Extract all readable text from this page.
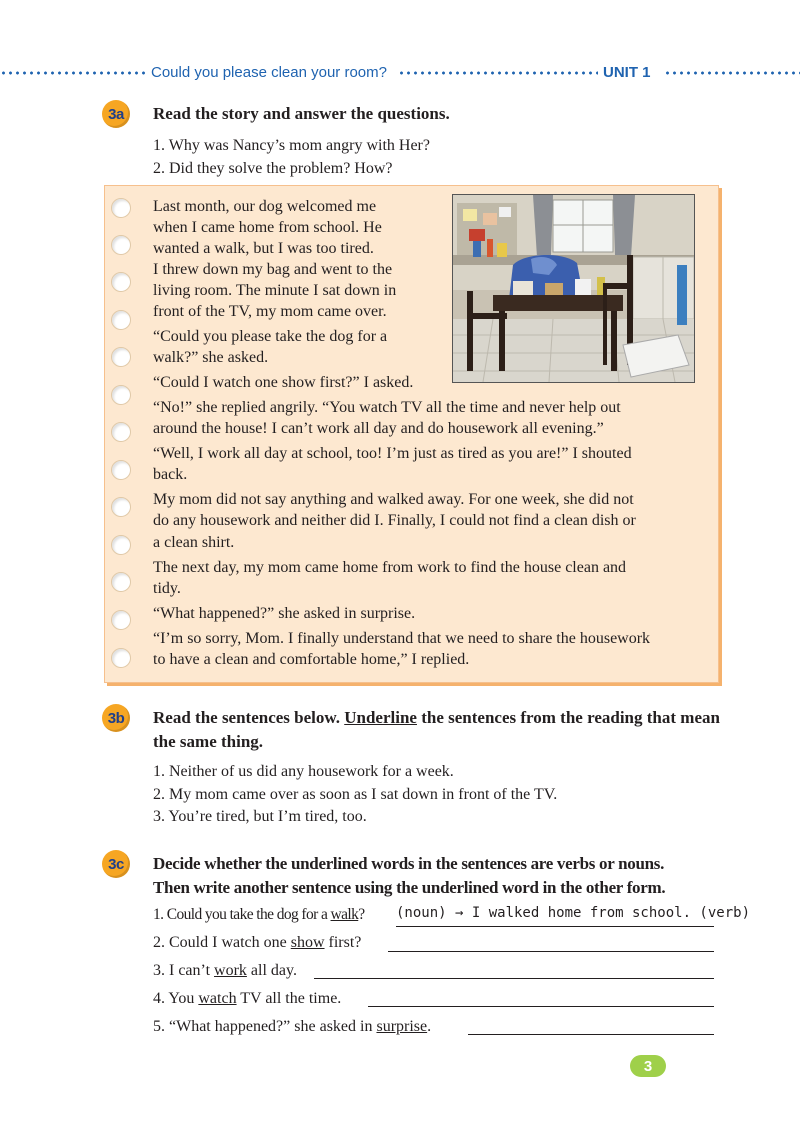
Could you please clean your room?	UNIT 1
3a	Read the story and answer the questions.
1. Why was Nancy’s mom angry with Her?
2. Did they solve the problem? How?
Last month, our dog welcomed me
when I came home from school. He
wanted a walk, but I was too tired.
I threw down my bag and went to the
living room. The minute I sat down in
front of the TV, my mom came over.
“Could you please take the dog for a
walk?” she asked.
“Could I watch one show first?” I asked.
“No!” she replied angrily. “You watch TV all the time and never help out
around the house! I can’t work all day and do housework all evening.”
“Well, I work all day at school, too! I’m just as tired as you are!” I shouted
back.
My mom did not say anything and walked away. For one week, she did not
do any housework and neither did I. Finally, I could not find a clean dish or
a clean shirt.
The next day, my mom came home from work to find the house clean and
tidy.
“What happened?” she asked in surprise.
“I’m so sorry, Mom. I finally understand that we need to share the housework
to have a clean and comfortable home,” I replied.
3b	Read the sentences below. Underline the sentences from the reading that mean the same thing.
1. Neither of us did any housework for a week.
2. My mom came over as soon as I sat down in front of the TV.
3. You’re tired, but I’m tired, too.
3c	Decide whether the underlined words in the sentences are verbs or nouns.
Then write another sentence using the underlined word in the other form.
1. Could you take the dog for a walk? (noun) → I walked home from school. (verb)
2. Could I watch one show first?
3. I can’t work all day.
4. You watch TV all the time.
5. “What happened?” she asked in surprise.
3
